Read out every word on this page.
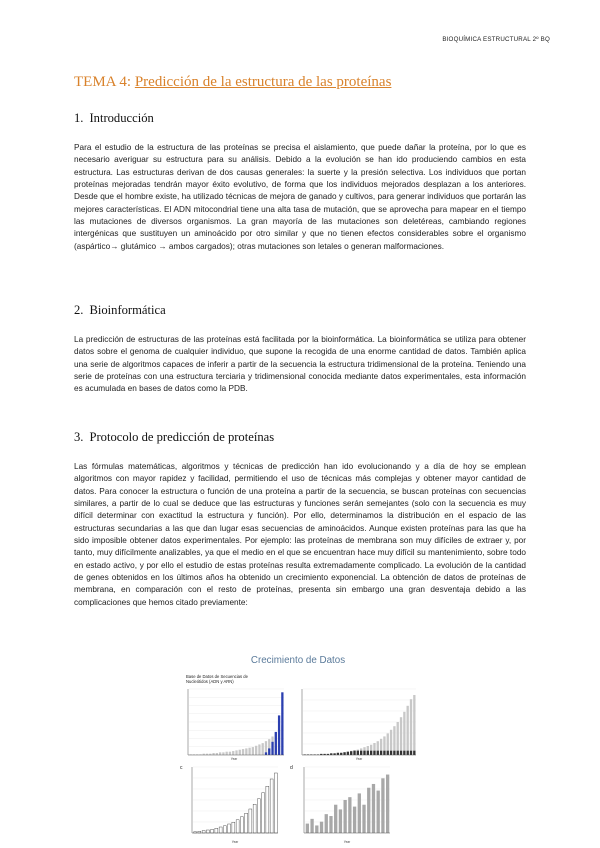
BIOQUÍMICA ESTRUCTURAL 2º BQ
TEMA 4: Predicción de la estructura de las proteínas
1. Introducción

Para el estudio de la estructura de las proteínas se precisa el aislamiento, que puede dañar la proteína, por lo que es necesario averiguar su estructura para su análisis. Debido a la evolución se han ido produciendo cambios en esta estructura. Las estructuras derivan de dos causas generales: la suerte y la presión selectiva. Los individuos que portan proteínas mejoradas tendrán mayor éxito evolutivo, de forma que los individuos mejorados desplazan a los anteriores. Desde que el hombre existe, ha utilizado técnicas de mejora de ganado y cultivos, para generar individuos que portarán las mejores características. El ADN mitocondrial tiene una alta tasa de mutación, que se aprovecha para mapear en el tiempo las mutaciones de diversos organismos. La gran mayoría de las mutaciones son deletéreas, cambiando regiones intergénicas que sustituyen un aminoácido por otro similar y que no tienen efectos considerables sobre el organismo (aspártico→ glutámico → ambos cargados); otras mutaciones son letales o generan malformaciones.

2. Bioinformática

La predicción de estructuras de las proteínas está facilitada por la bioinformática. La bioinformática se utiliza para obtener datos sobre el genoma de cualquier individuo, que supone la recogida de una enorme cantidad de datos. También aplica una serie de algoritmos capaces de inferir a partir de la secuencia la estructura tridimensional de la proteína. Teniendo una serie de proteínas con una estructura terciaria y tridimensional conocida mediante datos experimentales, esta información es acumulada en bases de datos como la PDB.

3. Protocolo de predicción de proteínas

Las fórmulas matemáticas, algoritmos y técnicas de predicción han ido evolucionando y a día de hoy se emplean algoritmos con mayor rapidez y facilidad, permitiendo el uso de técnicas más complejas y obtener mayor cantidad de datos. Para conocer la estructura o función de una proteína a partir de la secuencia, se buscan proteínas con secuencias similares, a partir de lo cual se deduce que las estructuras y funciones serán semejantes (solo con la secuencia es muy difícil determinar con exactitud la estructura y función). Por ello, determinamos la distribución en el espacio de las estructuras secundarias a las que dan lugar esas secuencias de aminoácidos. Aunque existen proteínas para las que ha sido imposible obtener datos experimentales. Por ejemplo: las proteínas de membrana son muy difíciles de extraer y, por tanto, muy difícilmente analizables, ya que el medio en el que se encuentran hace muy difícil su mantenimiento, sobre todo en estado activo, y por ello el estudio de estas proteínas resulta extremadamente complicado. La evolución de la cantidad de genes obtenidos en los últimos años ha obtenido un crecimiento exponencial. La obtención de datos de proteínas de membrana, en comparación con el resto de proteínas, presenta sin embargo una gran desventaja debido a las complicaciones que hemos citado previamente:

Crecimiento de Datos
Base de Datos de Secuencias de
Nucleótidos (ADN y ARN)
Year	Year
c
Year
d
Year
